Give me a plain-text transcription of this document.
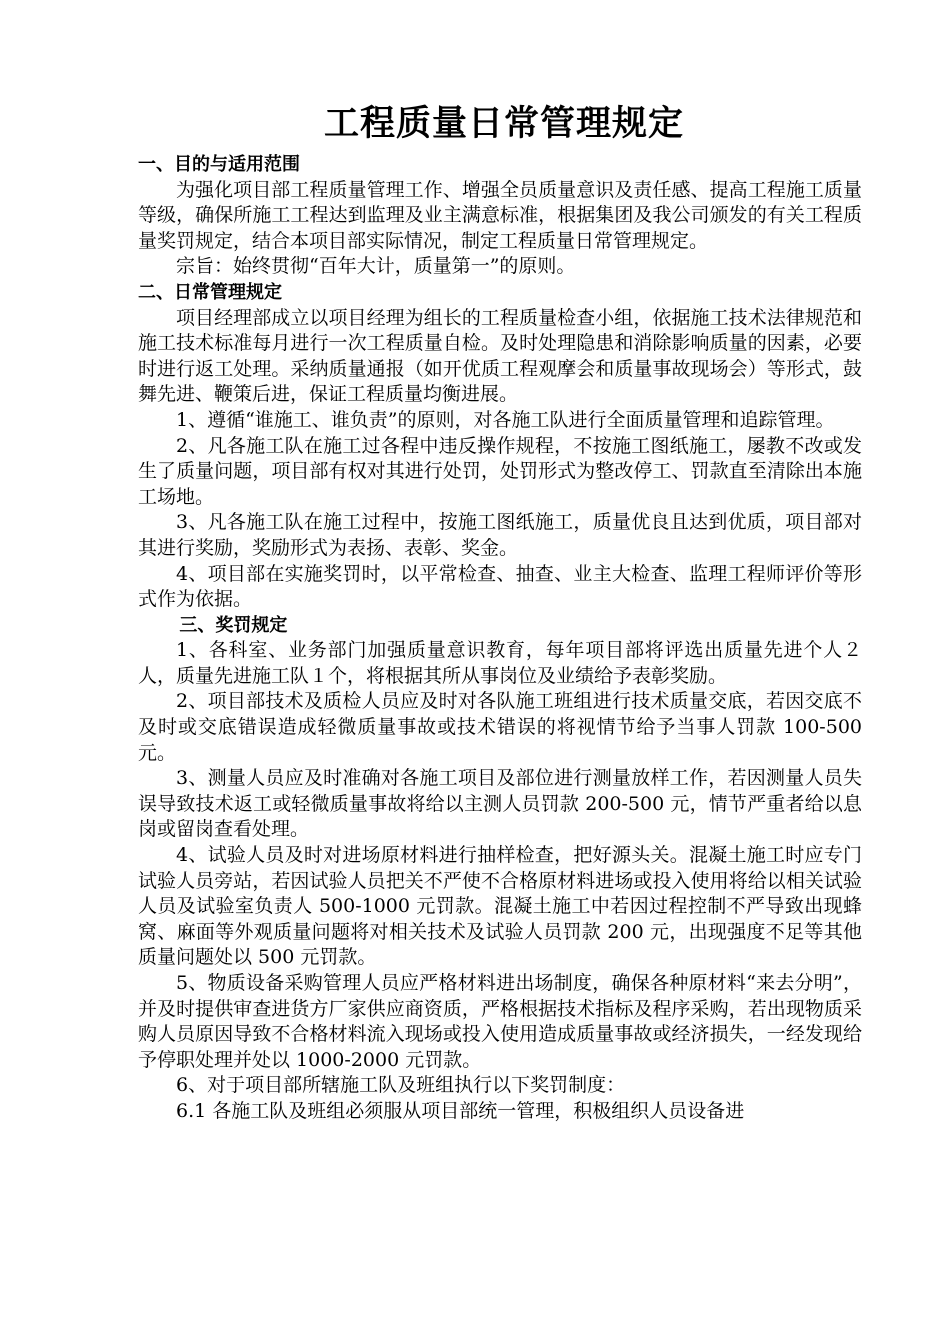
工程质量日常管理规定
一、目的与适用范围

为强化项目部工程质量管理工作、增强全员质量意识及责任感、提高工程施工质量等级，确保所施工工程达到监理及业主满意标准，根据集团及我公司颁发的有关工程质量奖罚规定，结合本项目部实际情况，制定工程质量日常管理规定。

宗旨：始终贯彻“百年大计，质量第一”的原则。

二、日常管理规定

项目经理部成立以项目经理为组长的工程质量检查小组，依据施工技术法律规范和施工技术标准每月进行一次工程质量自检。及时处理隐患和消除影响质量的因素，必要时进行返工处理。采纳质量通报（如开优质工程观摩会和质量事故现场会）等形式，鼓舞先进、鞭策后进，保证工程质量均衡进展。

1、遵循“谁施工、谁负责”的原则，对各施工队进行全面质量管理和追踪管理。

2、凡各施工队在施工过各程中违反操作规程，不按施工图纸施工，屡教不改或发生了质量问题，项目部有权对其进行处罚，处罚形式为整改停工、罚款直至清除出本施工场地。

3、凡各施工队在施工过程中，按施工图纸施工，质量优良且达到优质，项目部对其进行奖励，奖励形式为表扬、表彰、奖金。

4、项目部在实施奖罚时，以平常检查、抽查、业主大检查、监理工程师评价等形式作为依据。

三、奖罚规定

1、各科室、业务部门加强质量意识教育，每年项目部将评选出质量先进个人２人，质量先进施工队１个，将根据其所从事岗位及业绩给予表彰奖励。

2、项目部技术及质检人员应及时对各队施工班组进行技术质量交底，若因交底不及时或交底错误造成轻微质量事故或技术错误的将视情节给予当事人罚款 100-500 元。

3、测量人员应及时准确对各施工项目及部位进行测量放样工作，若因测量人员失误导致技术返工或轻微质量事故将给以主测人员罚款 200-500 元，情节严重者给以息岗或留岗查看处理。

4、试验人员及时对进场原材料进行抽样检查，把好源头关。混凝土施工时应专门试验人员旁站，若因试验人员把关不严使不合格原材料进场或投入使用将给以相关试验人员及试验室负责人 500-1000 元罚款。混凝土施工中若因过程控制不严导致出现蜂窝、麻面等外观质量问题将对相关技术及试验人员罚款 200 元，出现强度不足等其他质量问题处以 500 元罚款。

5、物质设备采购管理人员应严格材料进出场制度，确保各种原材料“来去分明”，并及时提供审查进货方厂家供应商资质，严格根据技术指标及程序采购，若出现物质采购人员原因导致不合格材料流入现场或投入使用造成质量事故或经济损失，一经发现给予停职处理并处以 1000-2000 元罚款。

6、对于项目部所辖施工队及班组执行以下奖罚制度：

6.1 各施工队及班组必须服从项目部统一管理，积极组织人员设备进
